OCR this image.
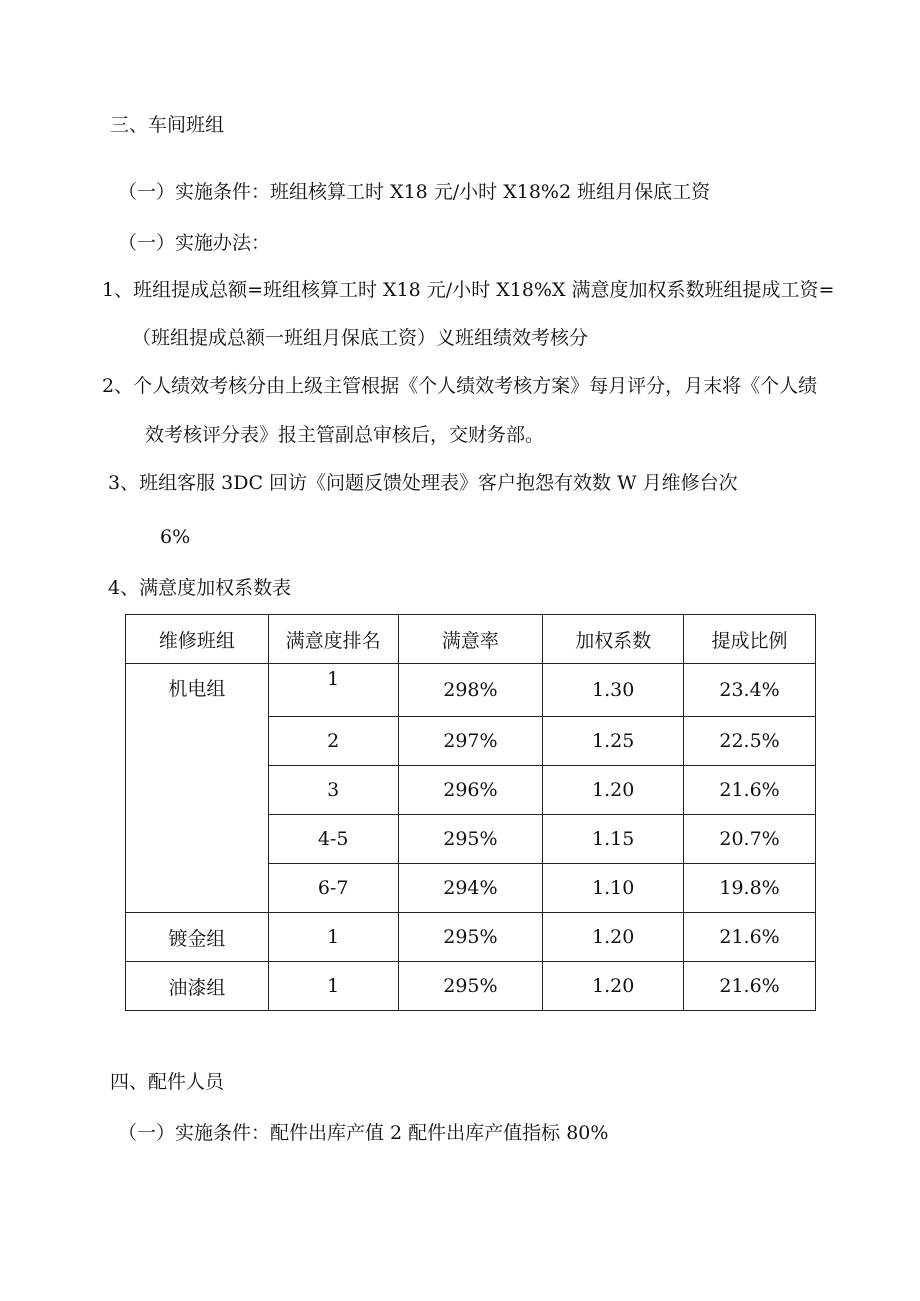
三、车间班组
（一）实施条件：班组核算工时 X18 元/小时 X18%2 班组月保底工资
（一）实施办法：
1、班组提成总额=班组核算工时 X18 元/小时 X18%X 满意度加权系数班组提成工资=
（班组提成总额一班组月保底工资）义班组绩效考核分
2、个人绩效考核分由上级主管根据《个人绩效考核方案》每月评分，月末将《个人绩
效考核评分表》报主管副总审核后，交财务部。
3、班组客服 3DC 回访《问题反馈处理表》客户抱怨有效数 W 月维修台次
6%
4、满意度加权系数表
维修班组	满意度排名	满意率	加权系数	提成比例
机电组	1	298%	1.30	23.4%
	2	297%	1.25	22.5%
	3	296%	1.20	21.6%
	4-5	295%	1.15	20.7%
	6-7	294%	1.10	19.8%
镀金组	1	295%	1.20	21.6%
油漆组	1	295%	1.20	21.6%
四、配件人员
（一）实施条件：配件出库产值 2 配件出库产值指标 80%
